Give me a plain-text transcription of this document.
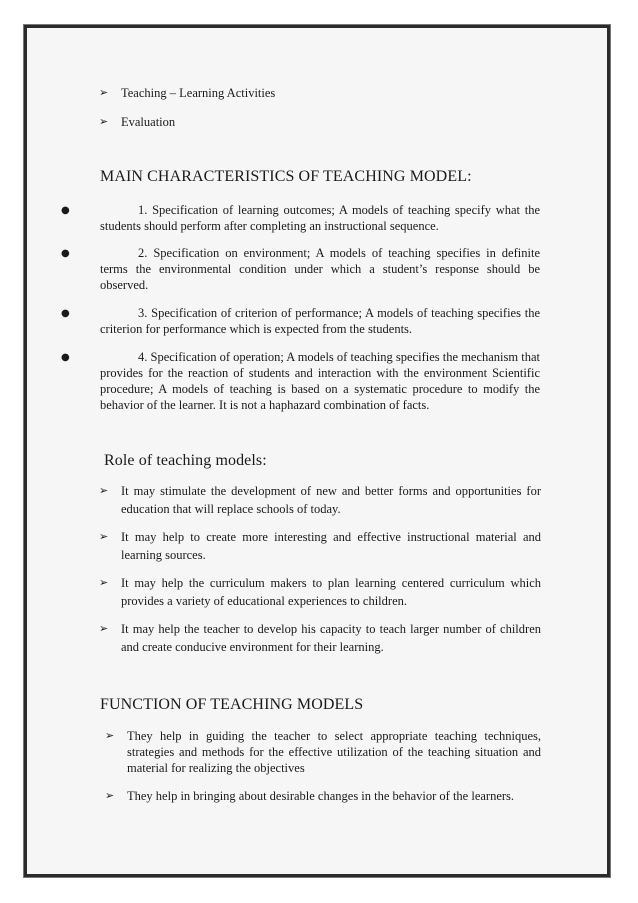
➢	Teaching – Learning Activities
➢	Evaluation
MAIN CHARACTERISTICS OF TEACHING MODEL:
●	1. Specification of learning outcomes; A models of teaching specify what the students should perform after completing an instructional sequence.
●	2. Specification on environment; A models of teaching specifies in definite terms the environmental condition under which a student’s response should be observed.
●	3. Specification of criterion of performance; A models of teaching specifies the criterion for performance which is expected from the students.
●	4. Specification of operation; A models of teaching specifies the mechanism that provides for the reaction of students and interaction with the environment Scientific procedure; A models of teaching is based on a systematic procedure to modify the behavior of the learner. It is not a haphazard combination of facts.
Role of teaching models:
➢	It may stimulate the development of new and better forms and opportunities for education that will replace schools of today.
➢	It may help to create more interesting and effective instructional material and learning sources.
➢	It may help the curriculum makers to plan learning centered curriculum which provides a variety of educational experiences to children.
➢	It may help the teacher to develop his capacity to teach larger number of children and create conducive environment for their learning.
FUNCTION OF TEACHING MODELS
➢	They help in guiding the teacher to select appropriate teaching techniques, strategies and methods for the effective utilization of the teaching situation and material for realizing the objectives
➢	They help in bringing about desirable changes in the behavior of the learners.
